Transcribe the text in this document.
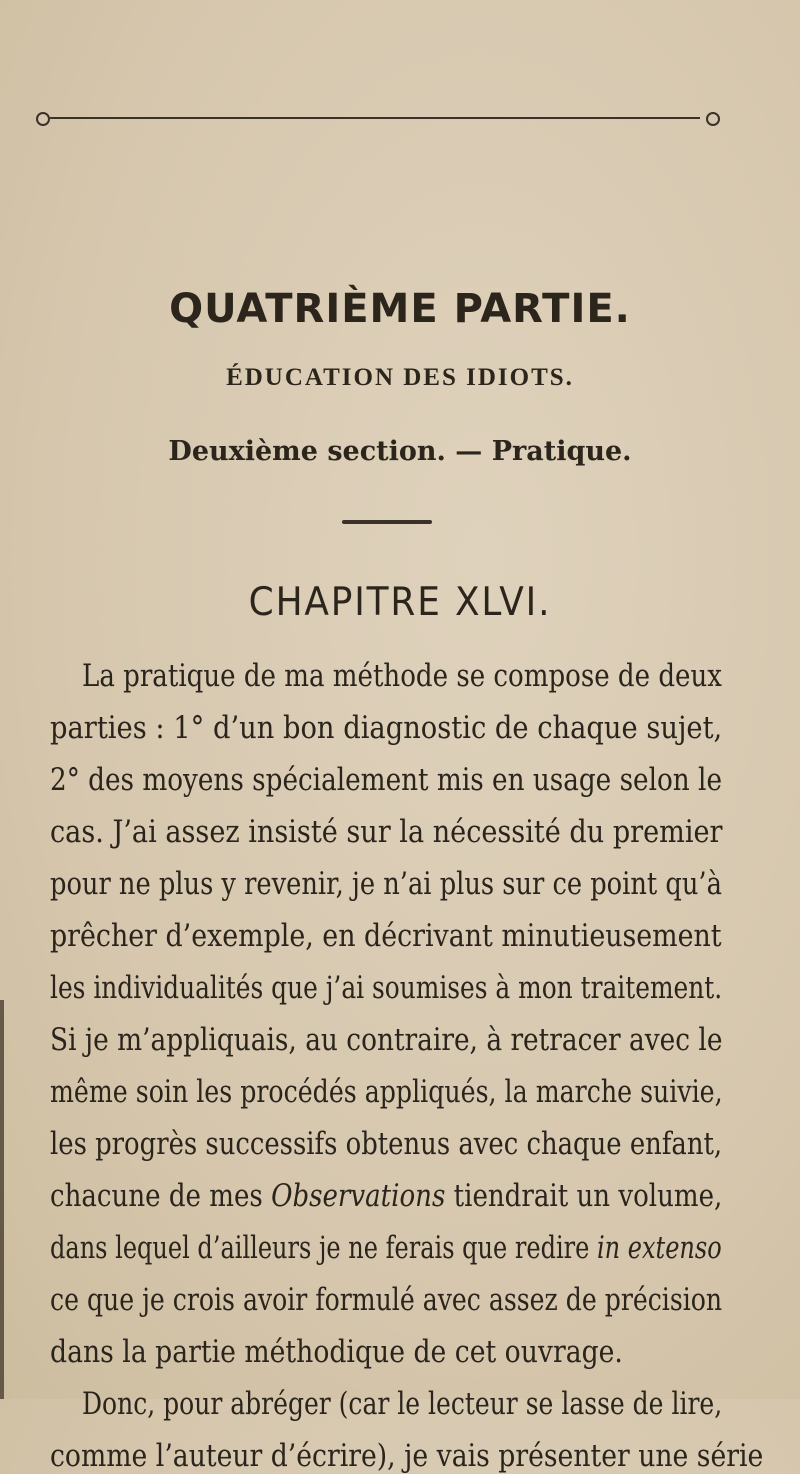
QUATRIÈME PARTIE.
ÉDUCATION DES IDIOTS.
Deuxième section. — Pratique.
CHAPITRE XLVI.
La pratique de ma méthode se compose de deux
parties : 1° d’un bon diagnostic de chaque sujet,
2° des moyens spécialement mis en usage selon le
cas. J’ai assez insisté sur la nécessité du premier
pour ne plus y revenir, je n’ai plus sur ce point qu’à
prêcher d’exemple, en décrivant minutieusement
les individualités que j’ai soumises à mon traitement.
Si je m’appliquais, au contraire, à retracer avec le
même soin les procédés appliqués, la marche suivie,
les progrès successifs obtenus avec chaque enfant,
chacune de mes Observations tiendrait un volume,
dans lequel d’ailleurs je ne ferais que redire in extenso
ce que je crois avoir formulé avec assez de précision
dans la partie méthodique de cet ouvrage.
Donc, pour abréger (car le lecteur se lasse de lire,
comme l’auteur d’écrire), je vais présenter une série
